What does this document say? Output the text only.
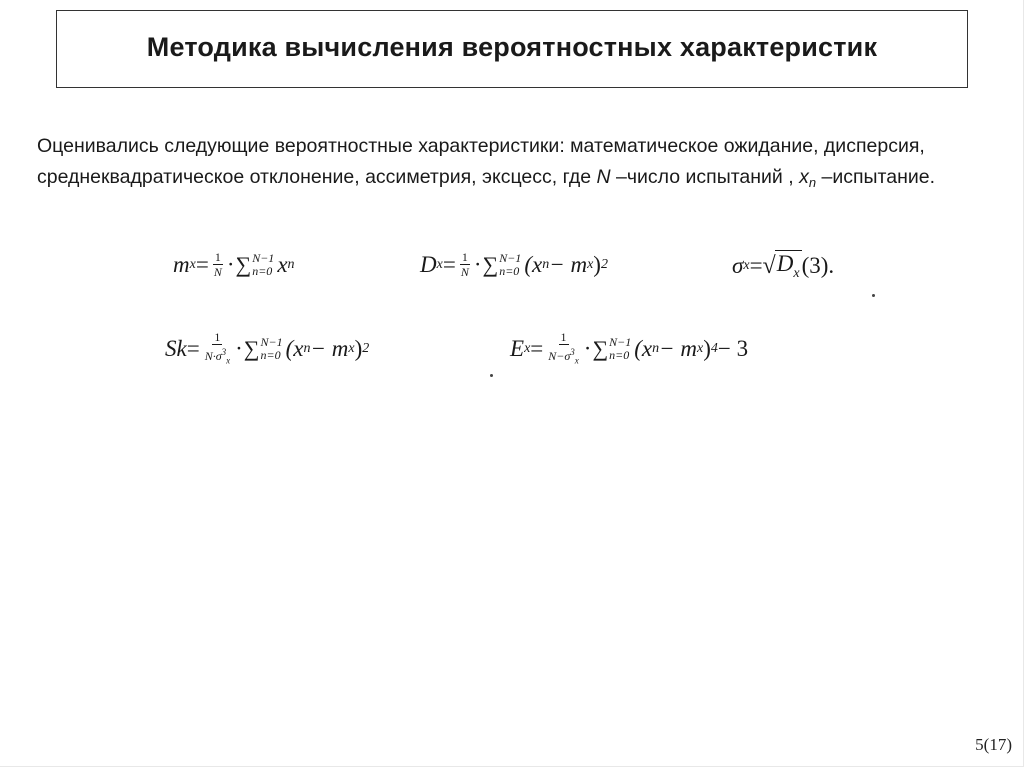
Методика вычисления вероятностных характеристик
Оценивались следующие вероятностные характеристики: математическое ожидание, дисперсия, среднеквадратическое отклонение, ассиметрия, эксцесс, где N –число испытаний , $x_n$ –испытание.
m $x = \frac{1}{N}$ · ∑ N−1
n=0 x n	D $x = \frac{1}{N}$ · ∑ N−1
n=0 (x n − m x ) 2	σ x = √ $D_x$ (3).
$Sk = \frac{1}{N\cdot\sigma^3_x}$ · ∑ N−1
n=0 (x n − m x ) 2	E $x = \frac{1}{N-\sigma^3_x}$ · ∑ N−1
n=0 (x n − m x ) 4 − 3
5(17)
